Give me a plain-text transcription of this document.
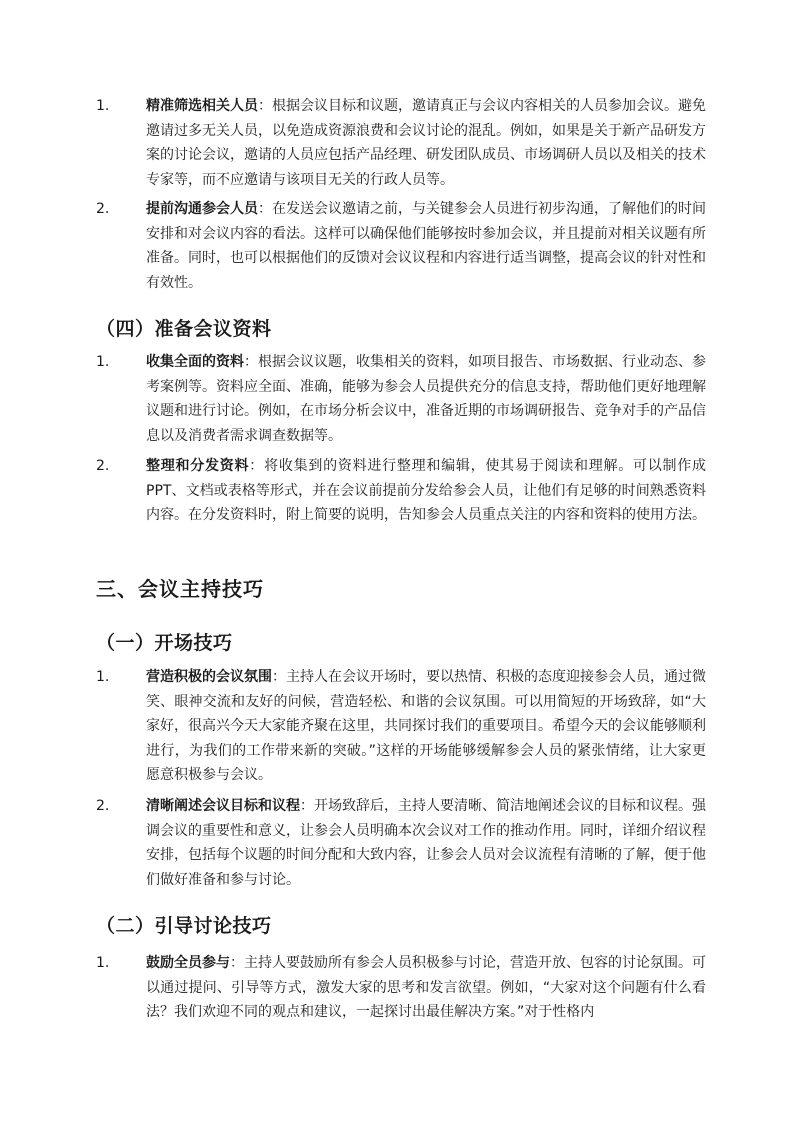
1.	精准筛选相关人员：根据会议目标和议题，邀请真正与会议内容相关的人员参加会议。避免邀请过多无关人员，以免造成资源浪费和会议讨论的混乱。例如，如果是关于新产品研发方案的讨论会议，邀请的人员应包括产品经理、研发团队成员、市场调研人员以及相关的技术专家等，而不应邀请与该项目无关的行政人员等。
2.	提前沟通参会人员：在发送会议邀请之前，与关键参会人员进行初步沟通，了解他们的时间安排和对会议内容的看法。这样可以确保他们能够按时参加会议，并且提前对相关议题有所准备。同时，也可以根据他们的反馈对会议议程和内容进行适当调整，提高会议的针对性和有效性。
（四）准备会议资料
1.	收集全面的资料：根据会议议题，收集相关的资料，如项目报告、市场数据、行业动态、参考案例等。资料应全面、准确，能够为参会人员提供充分的信息支持，帮助他们更好地理解议题和进行讨论。例如，在市场分析会议中，准备近期的市场调研报告、竞争对手的产品信息以及消费者需求调查数据等。
2.	整理和分发资料：将收集到的资料进行整理和编辑，使其易于阅读和理解。可以制作成 PPT、文档或表格等形式，并在会议前提前分发给参会人员，让他们有足够的时间熟悉资料内容。在分发资料时，附上简要的说明，告知参会人员重点关注的内容和资料的使用方法。
三、会议主持技巧
（一）开场技巧
1.	营造积极的会议氛围：主持人在会议开场时，要以热情、积极的态度迎接参会人员，通过微笑、眼神交流和友好的问候，营造轻松、和谐的会议氛围。可以用简短的开场致辞，如“大家好，很高兴今天大家能齐聚在这里，共同探讨我们的重要项目。希望今天的会议能够顺利进行，为我们的工作带来新的突破。”这样的开场能够缓解参会人员的紧张情绪，让大家更愿意积极参与会议。
2.	清晰阐述会议目标和议程：开场致辞后，主持人要清晰、简洁地阐述会议的目标和议程。强调会议的重要性和意义，让参会人员明确本次会议对工作的推动作用。同时，详细介绍议程安排，包括每个议题的时间分配和大致内容，让参会人员对会议流程有清晰的了解，便于他们做好准备和参与讨论。
（二）引导讨论技巧
1.	鼓励全员参与：主持人要鼓励所有参会人员积极参与讨论，营造开放、包容的讨论氛围。可以通过提问、引导等方式，激发大家的思考和发言欲望。例如，“大家对这个问题有什么看法？我们欢迎不同的观点和建议，一起探讨出最佳解决方案。”对于性格内
